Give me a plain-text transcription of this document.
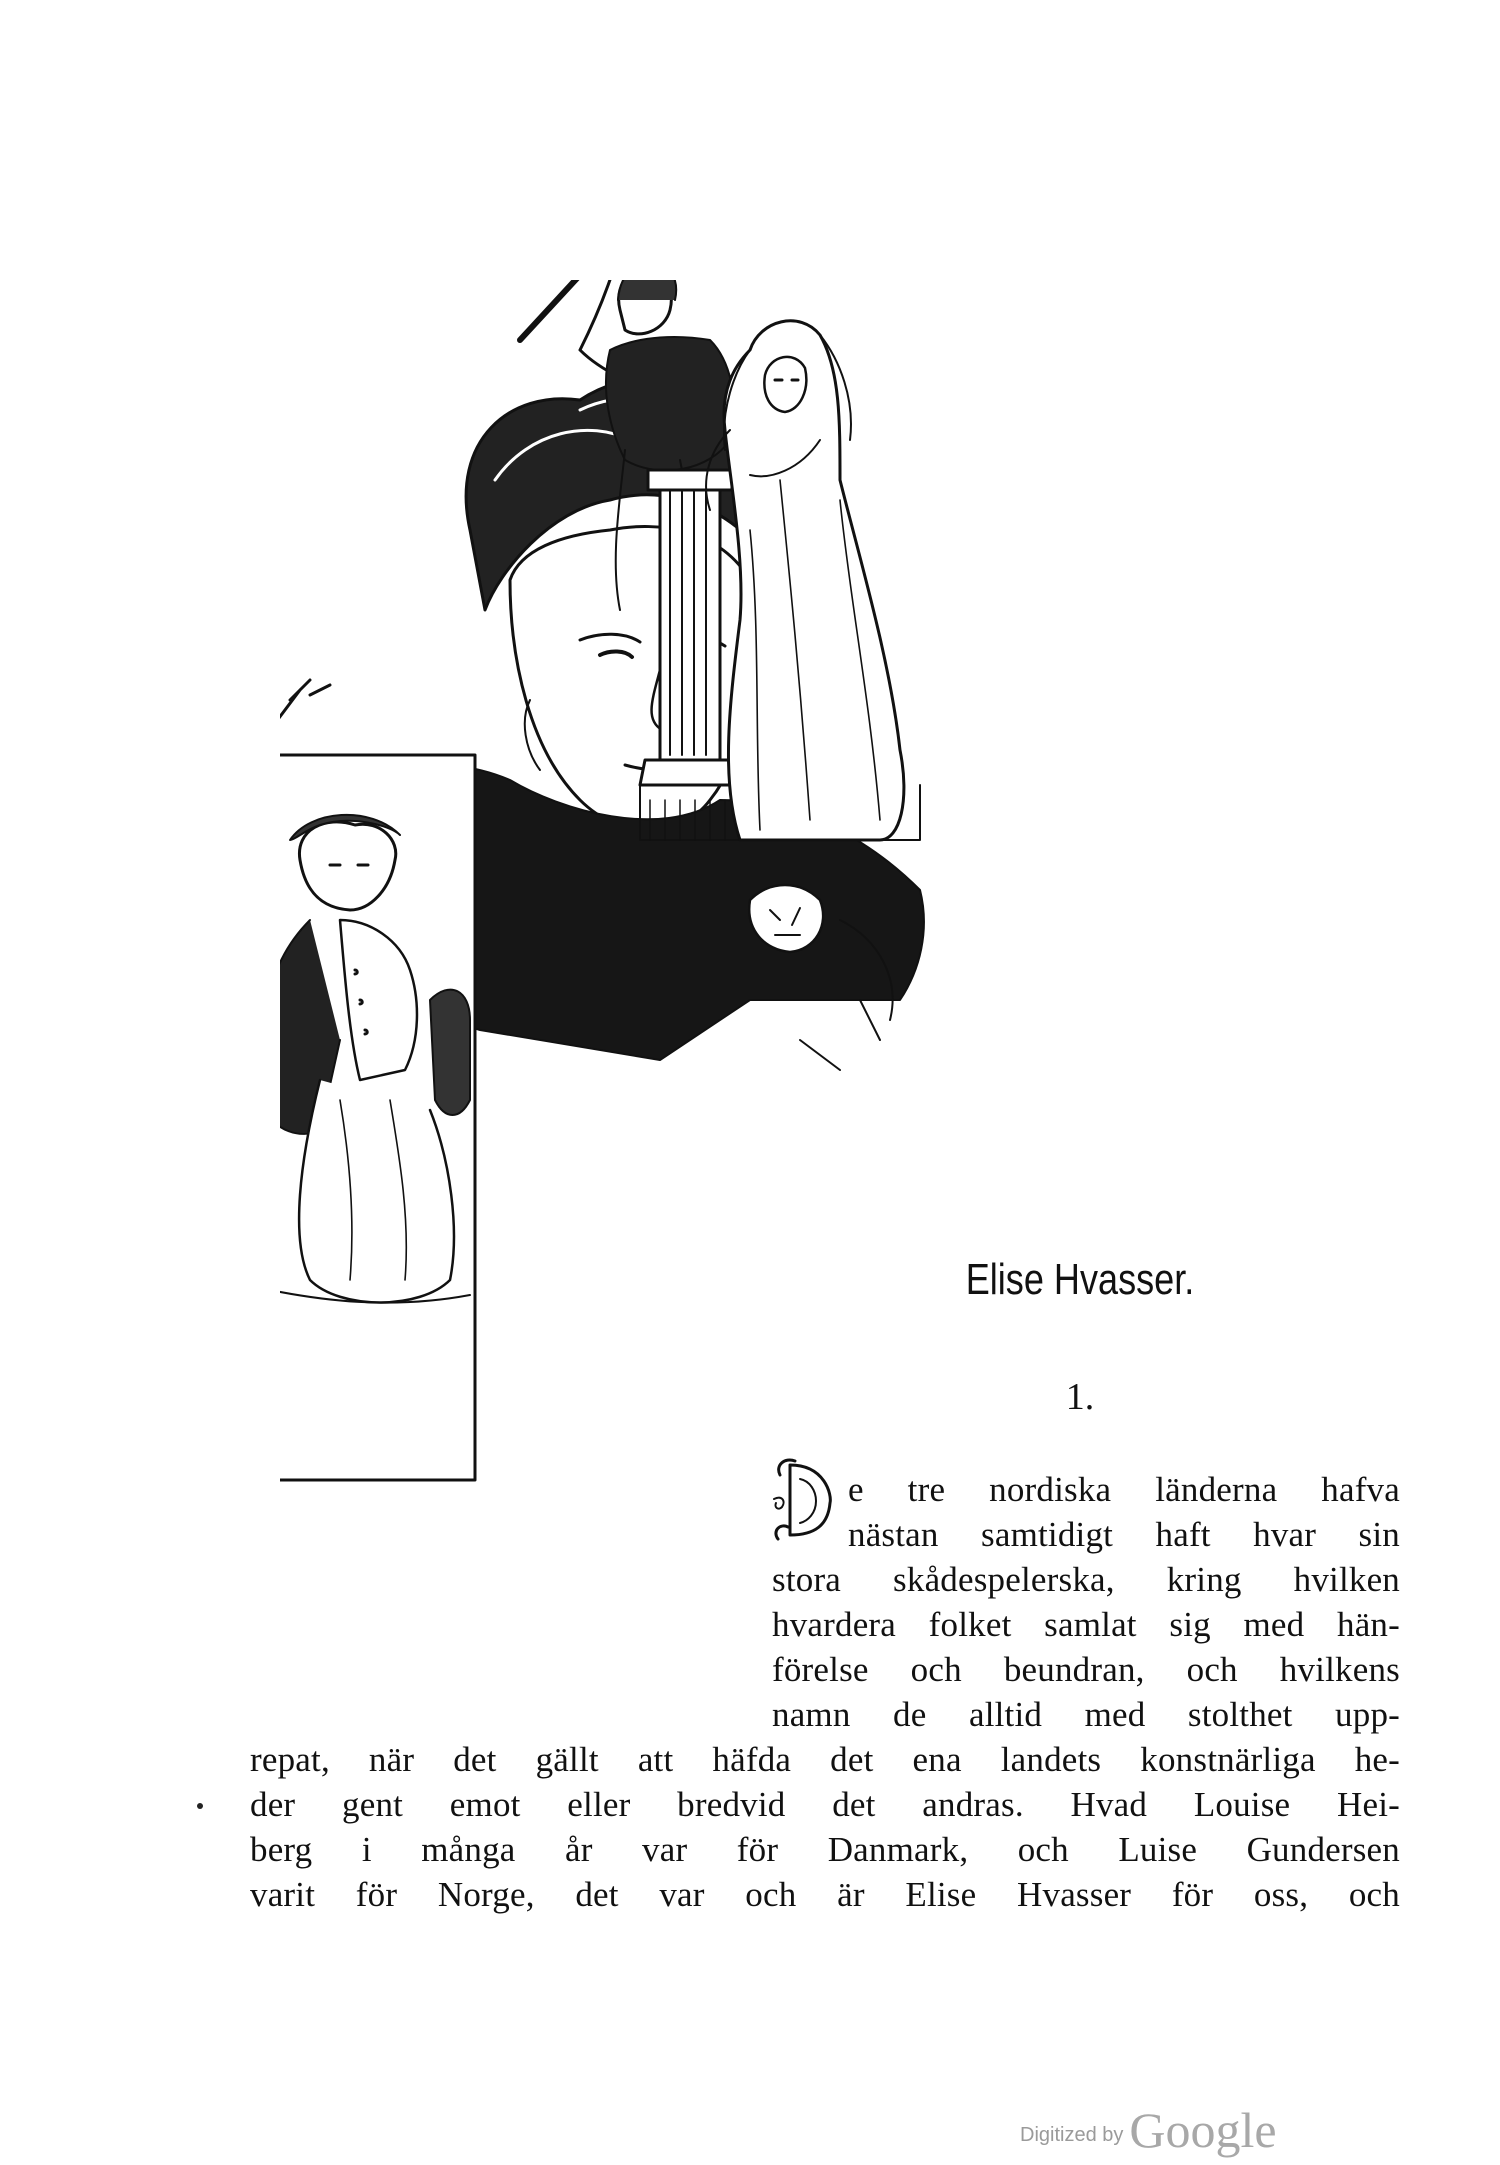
Elise Hvasser.
1.
D e tre nordiska länderna hafva
nästan samtidigt haft hvar sin
stora skådespelerska, kring hvilken
hvardera folket samlat sig med hän-
förelse och beundran, och hvilkens
namn de alltid med stolthet upp-
repat, när det gällt att häfda det ena landets konstnärliga he-
der gent emot eller bredvid det andras. Hvad Louise Hei-
berg i många år var för Danmark, och Luise Gundersen
varit för Norge, det var och är Elise Hvasser för oss, och
Digitized by Google
